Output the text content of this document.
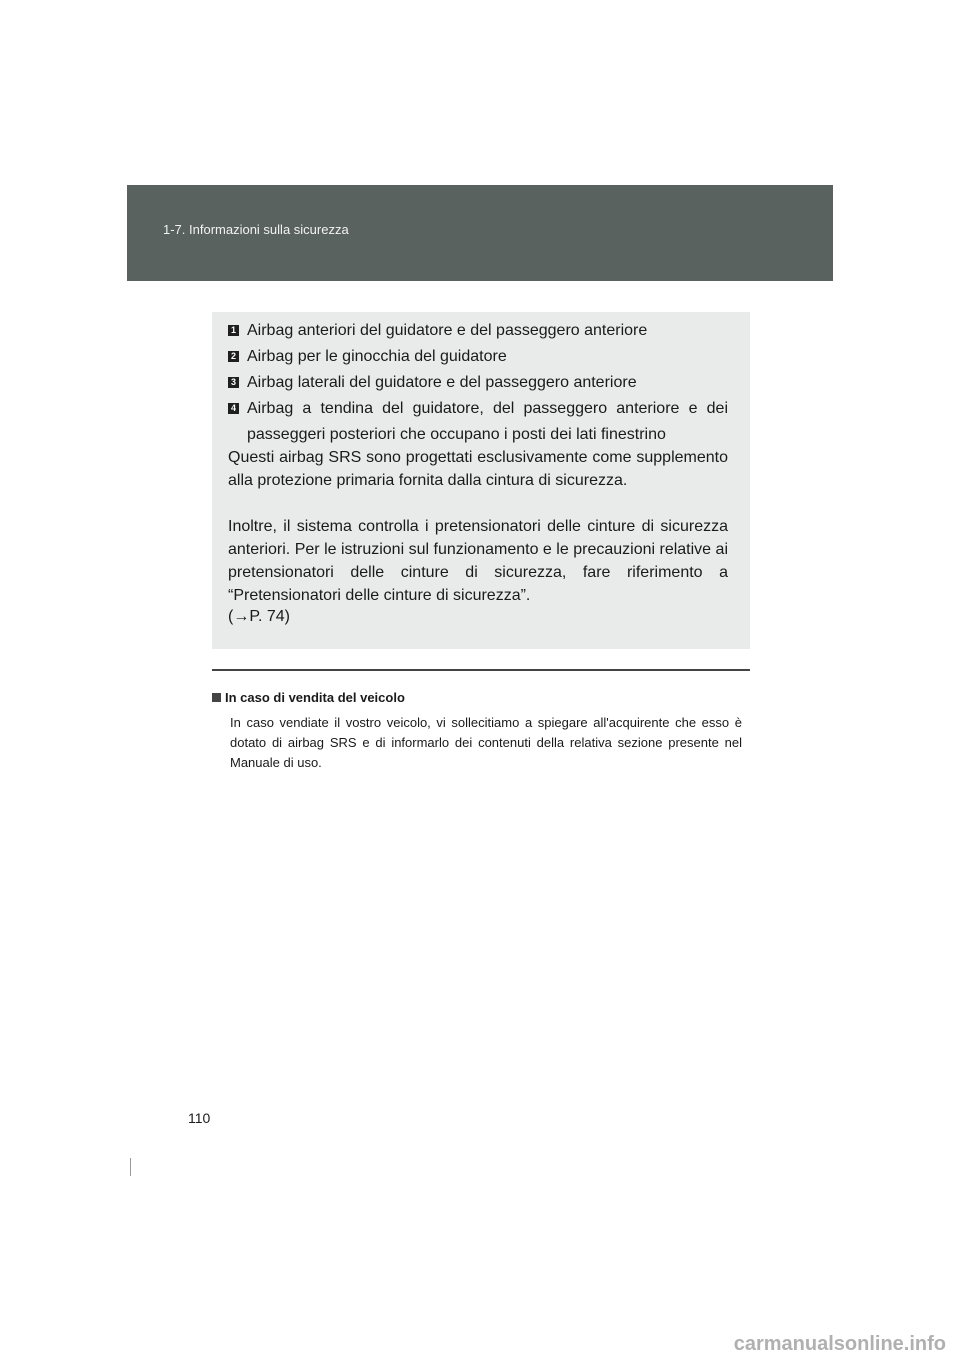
1-7. Informazioni sulla sicurezza
1 Airbag anteriori del guidatore e del passeggero anteriore
2 Airbag per le ginocchia del guidatore
3 Airbag laterali del guidatore e del passeggero anteriore
4 Airbag a tendina del guidatore, del passeggero anteriore e dei
passeggeri posteriori che occupano i posti dei lati finestrino
Questi airbag SRS sono progettati esclusivamente come supplemento alla protezione primaria fornita dalla cintura di sicurezza.
Inoltre, il sistema controlla i pretensionatori delle cinture di sicurezza anteriori. Per le istruzioni sul funzionamento e le precauzioni relative ai pretensionatori delle cinture di sicurezza, fare riferimento a “Pretensionatori delle cinture di sicurezza”.
(→P. 74)
In caso di vendita del veicolo
In caso vendiate il vostro veicolo, vi sollecitiamo a spiegare all'acquirente che esso è dotato di airbag SRS e di informarlo dei contenuti della relativa sezione presente nel Manuale di uso.
110
carmanualsonline.info
